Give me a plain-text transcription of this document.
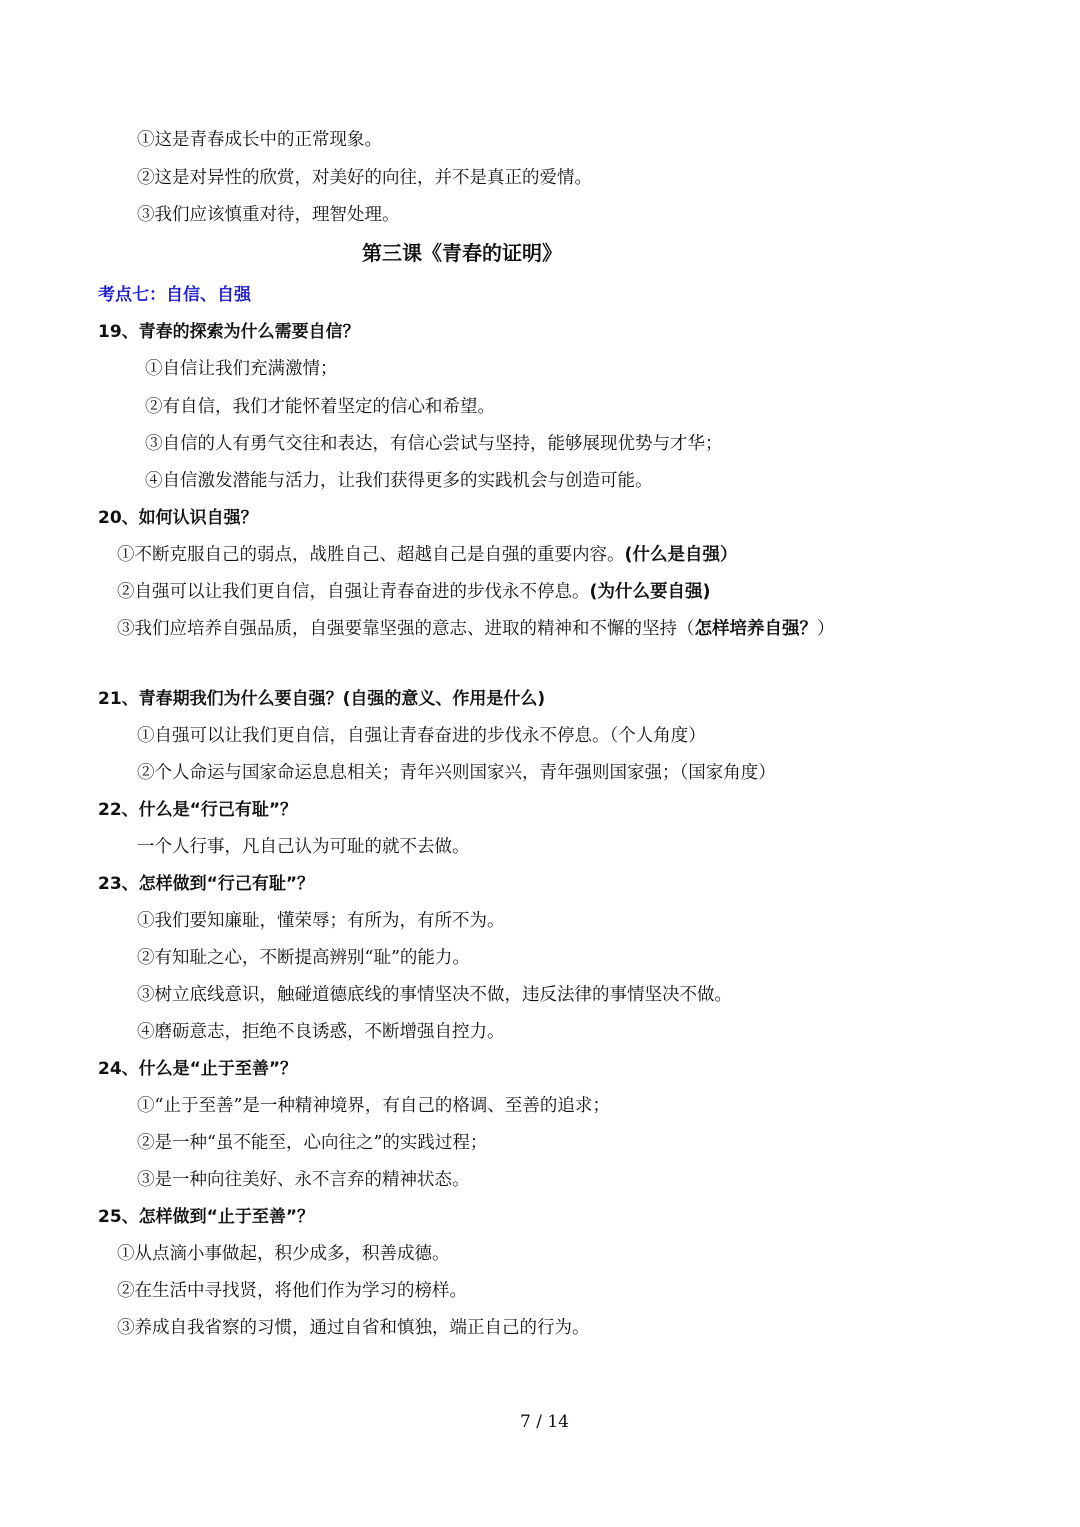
①这是青春成长中的正常现象。
②这是对异性的欣赏，对美好的向往，并不是真正的爱情。
③我们应该慎重对待，理智处理。
第三课《青春的证明》
考点七：自信、自强
19、青春的探索为什么需要自信？
①自信让我们充满激情；
②有自信，我们才能怀着坚定的信心和希望。
③自信的人有勇气交往和表达，有信心尝试与坚持，能够展现优势与才华；
④自信激发潜能与活力，让我们获得更多的实践机会与创造可能。
20、如何认识自强？
①不断克服自己的弱点，战胜自己、超越自己是自强的重要内容。(什么是自强）
②自强可以让我们更自信，自强让青春奋进的步伐永不停息。(为什么要自强)
③我们应培养自强品质，自强要靠坚强的意志、进取的精神和不懈的坚持（怎样培养自强？）
21、青春期我们为什么要自强？(自强的意义、作用是什么)
①自强可以让我们更自信，自强让青春奋进的步伐永不停息。（个人角度）
②个人命运与国家命运息息相关；青年兴则国家兴，青年强则国家强；（国家角度）
22、什么是“行己有耻”？
一个人行事，凡自己认为可耻的就不去做。
23、怎样做到“行己有耻”？
①我们要知廉耻，懂荣辱；有所为，有所不为。
②有知耻之心，不断提高辨别“耻”的能力。
③树立底线意识，触碰道德底线的事情坚决不做，违反法律的事情坚决不做。
④磨砺意志，拒绝不良诱惑，不断增强自控力。
24、什么是“止于至善”？
①“止于至善”是一种精神境界，有自己的格调、至善的追求；
②是一种“虽不能至，心向往之”的实践过程；
③是一种向往美好、永不言弃的精神状态。
25、怎样做到“止于至善”？
①从点滴小事做起，积少成多，积善成德。
②在生活中寻找贤，将他们作为学习的榜样。
③养成自我省察的习惯，通过自省和慎独，端正自己的行为。
7 / 14
